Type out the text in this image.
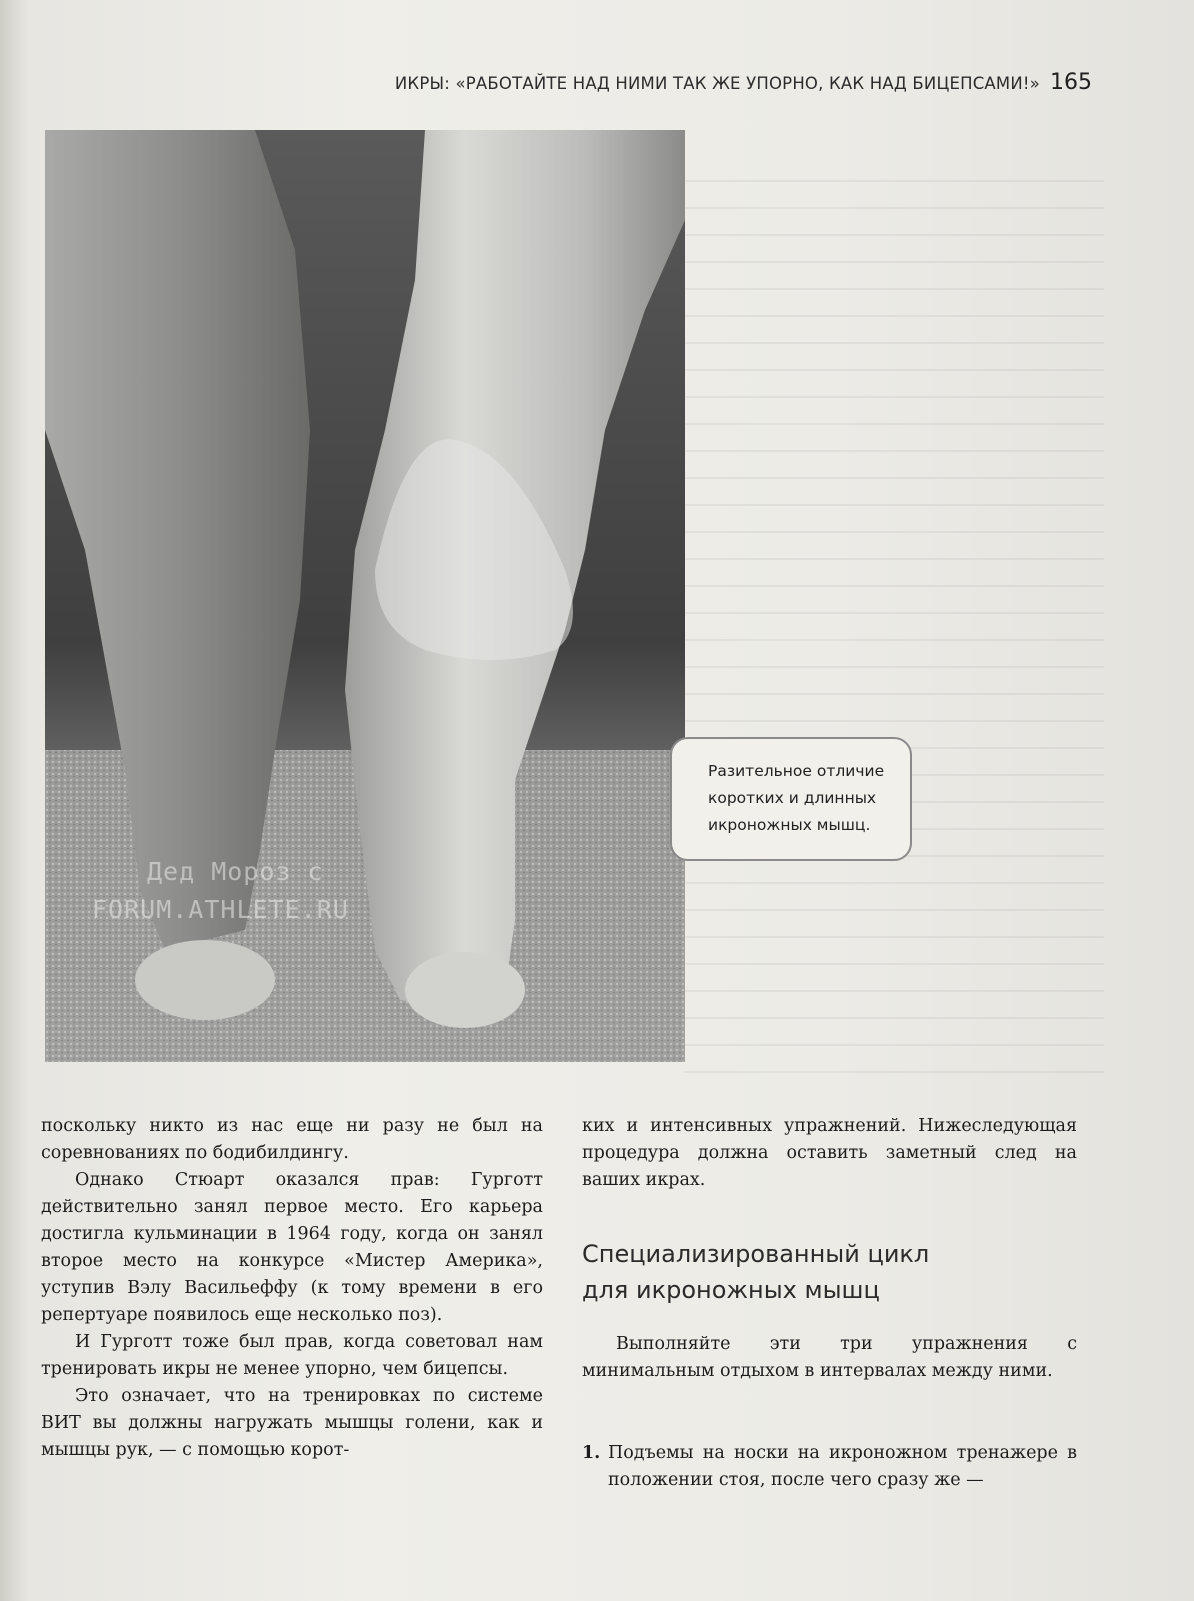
ИКРЫ: «РАБОТАЙТЕ НАД НИМИ ТАК ЖЕ УПОРНО, КАК НАД БИЦЕПСАМИ!» 165
Дед Мороз с
FORUM.ATHLETE.RU
Разительное отличие
коротких и длинных
икроножных мышц.

поскольку никто из нас еще ни разу не был на соревнованиях по бодибилдингу.

Однако Стюарт оказался прав: Гурготт действительно занял первое место. Его карьера достигла кульминации в 1964 году, когда он занял второе место на конкурсе «Мистер Америка», уступив Вэлу Васильеффу (к тому времени в его репертуаре появилось еще несколько поз).

И Гурготт тоже был прав, когда советовал нам тренировать икры не менее упорно, чем бицепсы.

Это означает, что на тренировках по системе ВИТ вы должны нагружать мышцы голени, как и мышцы рук, — с помощью корот-

ких и интенсивных упражнений. Нижеследующая процедура должна оставить заметный след на ваших икрах.

Специализированный цикл
для икроножных мышц

Выполняйте эти три упражнения с минимальным отдыхом в интервалах между ними.

1. Подъемы на носки на икроножном тренажере в положении стоя, после чего сразу же —
